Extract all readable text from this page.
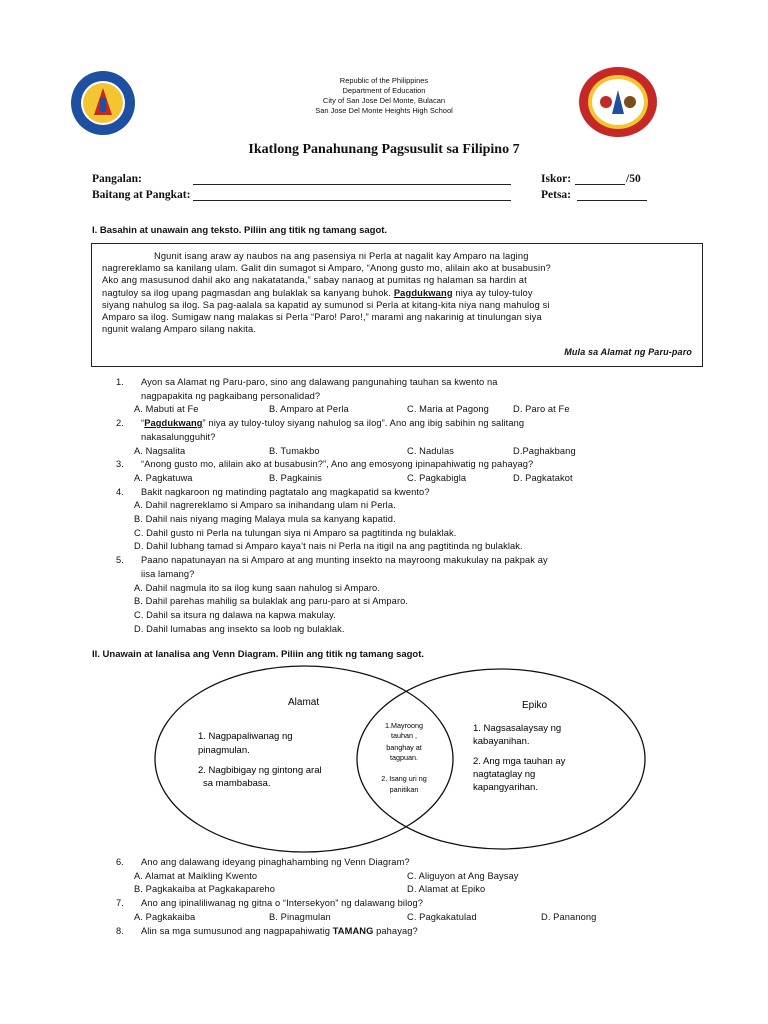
Republic of the Philippines
Department of Education
City of San Jose Del Monte, Bulacan
San Jose Del Monte Heights High School
Ikatlong Panahunang Pagsusulit sa Filipino 7
Pangalan:
Baitang at Pangkat:
Iskor:	/50
Petsa:
I. Basahin at unawain ang teksto. Piliin ang titik ng tamang sagot.

Ngunit isang araw ay naubos na ang pasensiya ni Perla at nagalit kay Amparo na laging

nagrereklamo sa kanilang ulam. Galit din sumagot si Amparo, “Anong gusto mo, alilain ako at busabusin?
Ako ang masusunod dahil ako ang nakatatanda,” sabay nanaog at pumitas ng halaman sa hardin at
nagtuloy sa ilog upang pagmasdan ang bulaklak sa kanyang buhok. Pagdukwang niya ay tuloy-tuloy
siyang nahulog sa ilog. Sa pag-aalala sa kapatid ay sumunod si Perla at kitang-kita niya nang mahulog si
Amparo sa ilog. Sumigaw nang malakas si Perla “Paro! Paro!,” marami ang nakarinig at tinulungan siya
ngunit walang Amparo silang nakita.
Mula sa Alamat ng Paru-paro
1. Ayon sa Alamat ng Paru-paro, sino ang dalawang pangunahing tauhan sa kwento na
nagpapakita ng pagkaibang personalidad?
A. Mabuti at Fe	B. Amparo at Perla	C. Maria at Pagong	D. Paro at Fe
2. “Pagdukwang” niya ay tuloy-tuloy siyang nahulog sa ilog”. Ano ang ibig sabihin ng salitang
nakasalungguhit?
A. Nagsalita	B. Tumakbo	C. Nadulas	D.Paghakbang
3. “Anong gusto mo, alilain ako at busabusin?”, Ano ang emosyong ipinapahiwatig ng pahayag?
A. Pagkatuwa	B. Pagkainis	C. Pagkabigla	D. Pagkatakot
4. Bakit nagkaroon ng matinding pagtatalo ang magkapatid sa kwento?
A. Dahil nagrereklamo si Amparo sa inihandang ulam ni Perla.
B. Dahil nais niyang maging Malaya mula sa kanyang kapatid.
C. Dahil gusto ni Perla na tulungan siya ni Amparo sa pagtitinda ng bulaklak.
D. Dahil lubhang tamad si Amparo kaya’t nais ni Perla na itigil na ang pagtitinda ng bulaklak.
5. Paano napatunayan na si Amparo at ang munting insekto na mayroong makukulay na pakpak ay
iisa lamang?
A. Dahil nagmula ito sa ilog kung saan nahulog si Amparo.
B. Dahil parehas mahilig sa bulaklak ang paru-paro at si Amparo.
C. Dahil sa itsura ng dalawa na kapwa makulay.
D. Dahil lumabas ang insekto sa loob ng bulaklak.
II. Unawain at lanalisa ang Venn Diagram. Piliin ang titik ng tamang sagot.
Alamat
1. Nagpapaliwanag ng
pinagmulan.
2. Nagbibigay ng gintong aral
sa mambabasa.
Epiko
1. Nagsasalaysay ng
kabayanihan.
2. Ang mga tauhan ay
nagtataglay ng
kapangyarihan.
1.Mayroong
tauhan ,
banghay at
tagpuan.
2. Isang uri ng
panitikan
6. Ano ang dalawang ideyang pinaghahambing ng Venn Diagram?
A. Alamat at Maikling Kwento	C. Aliguyon at Ang Baysay
B. Pagkakaiba at Pagkakapareho	D. Alamat at Epiko
7. Ano ang ipinaliliwanag ng gitna o “Intersekyon” ng dalawang bilog?
A. Pagkakaiba	B. Pinagmulan	C. Pagkakatulad	D. Pananong
8. Alin sa mga sumusunod ang nagpapahiwatig TAMANG pahayag?
